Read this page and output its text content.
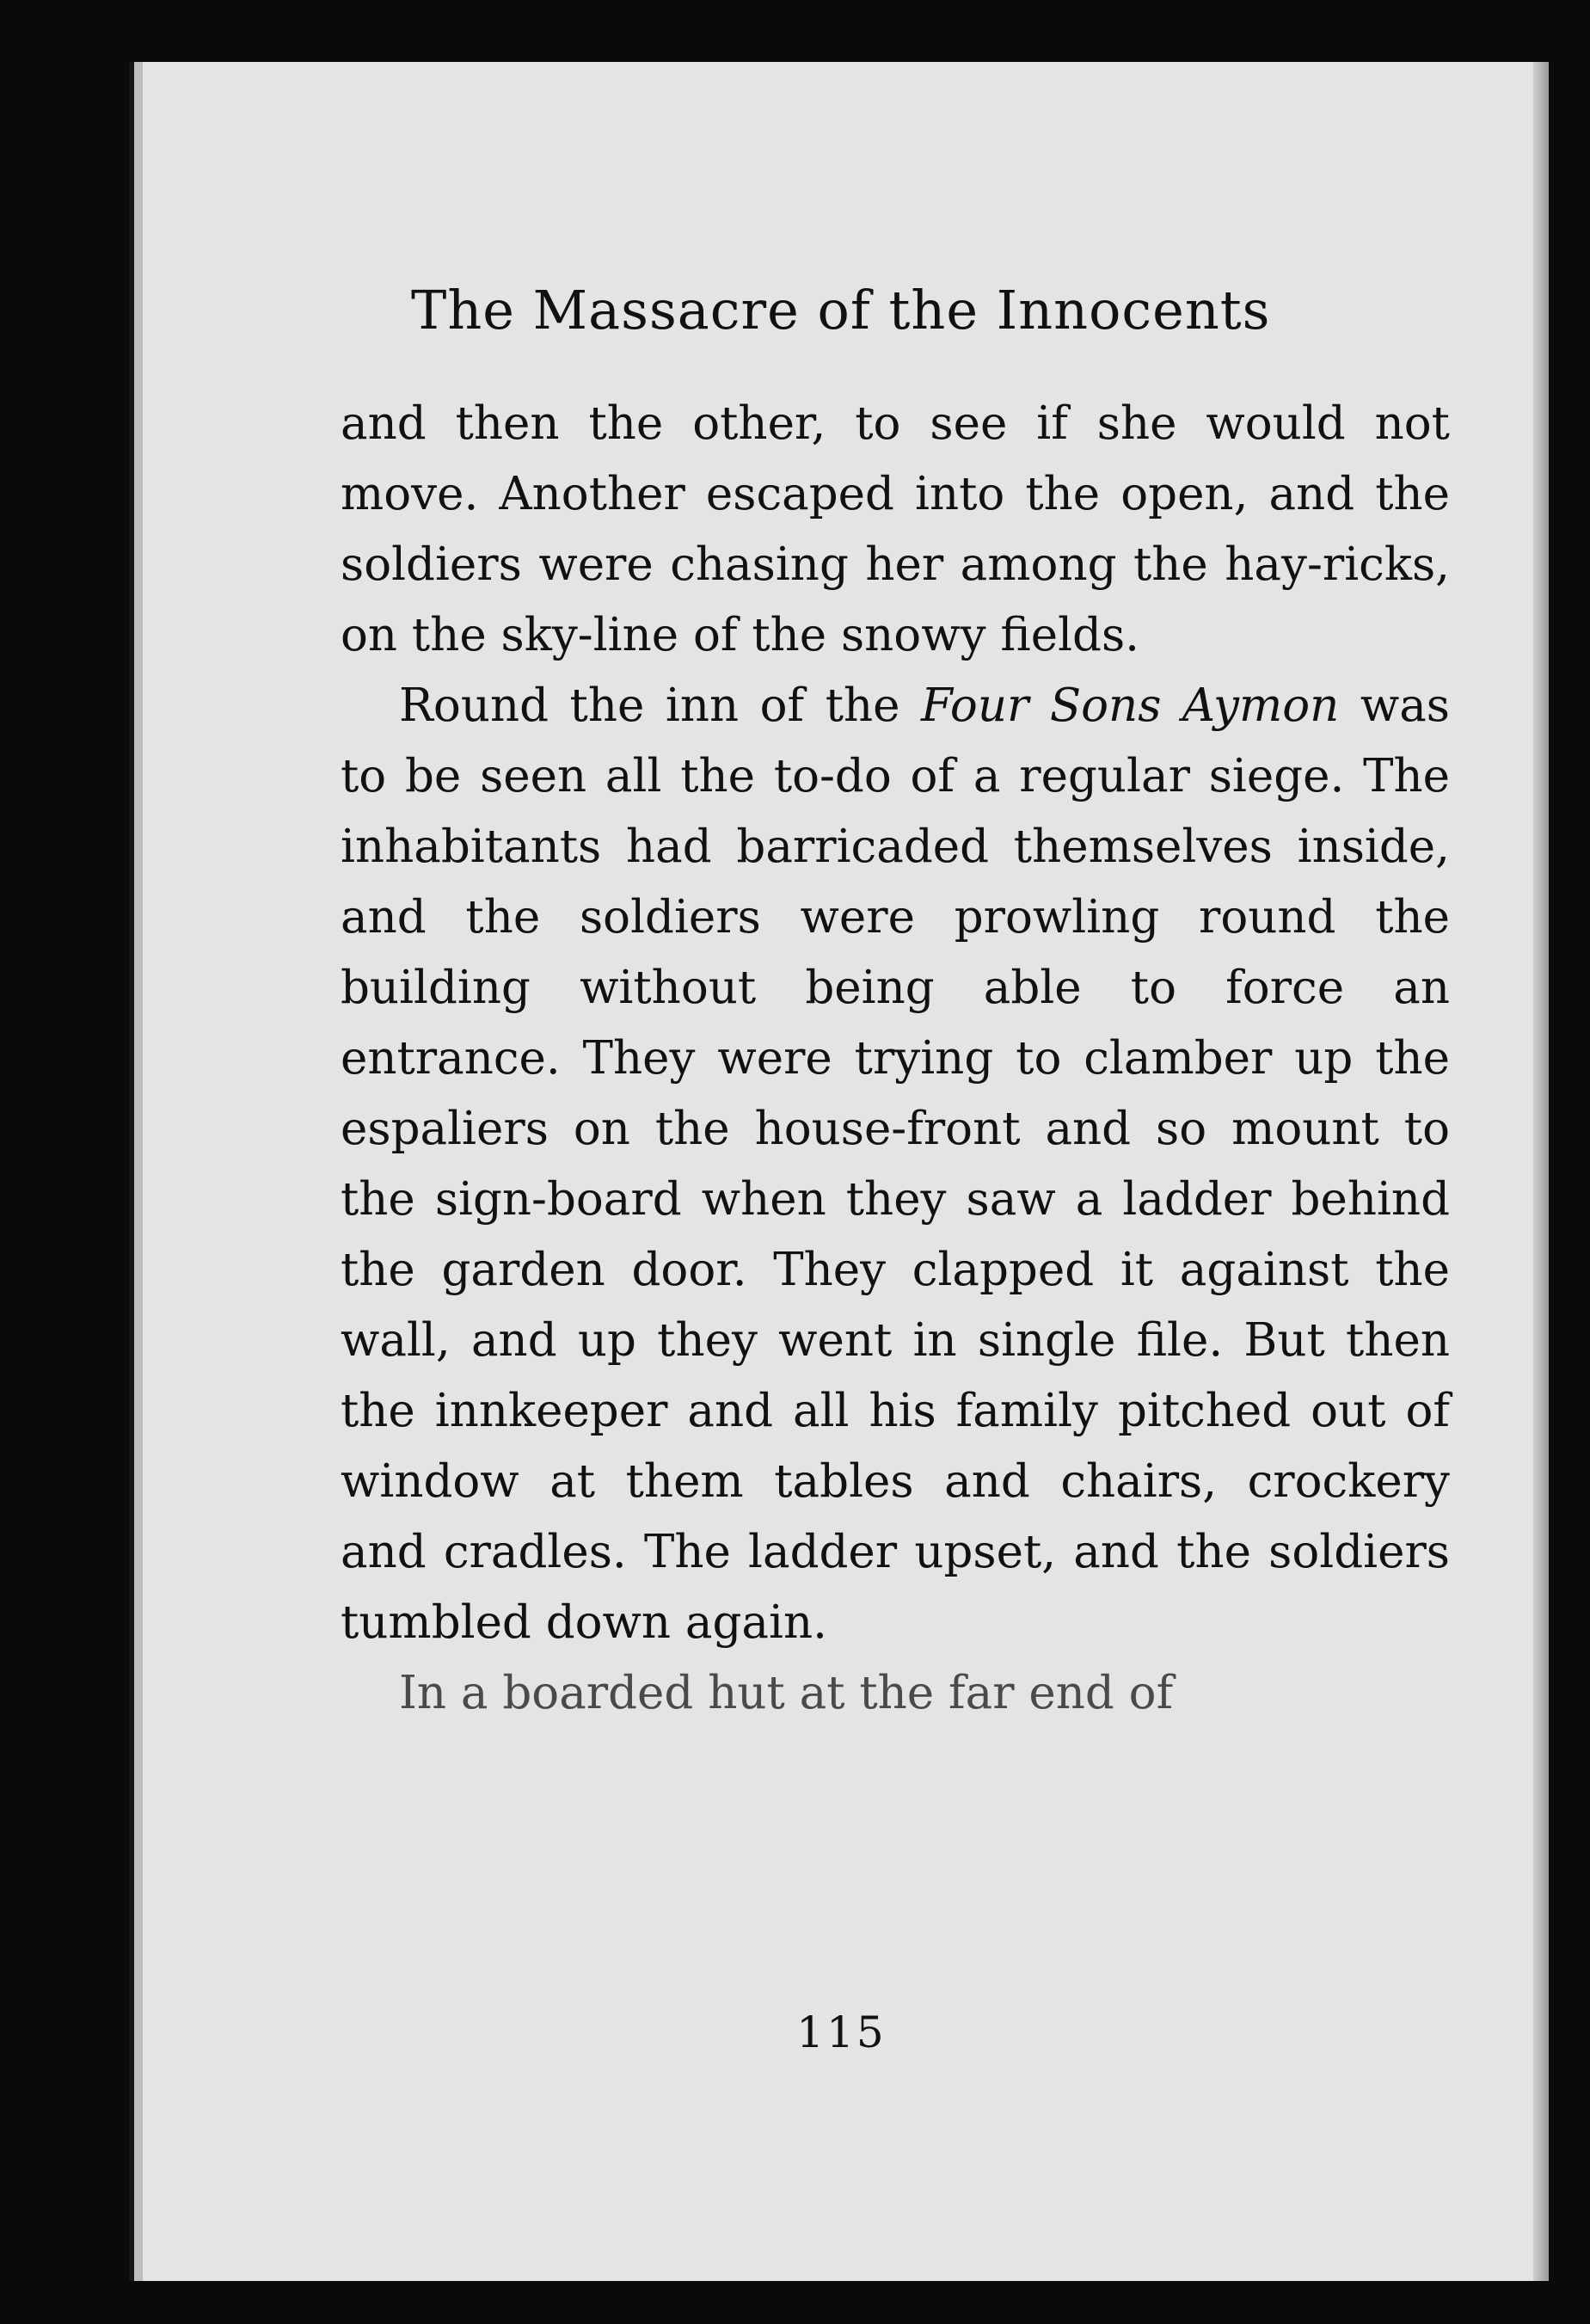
The Massacre of the Innocents

and then the other, to see if she would not move. Another escaped into the open, and the soldiers were chasing her among the hay-ricks, on the sky-line of the snowy fields.

Round the inn of the Four Sons Aymon was to be seen all the to-do of a regular siege. The inhabitants had barricaded themselves inside, and the soldiers were prowling round the building without being able to force an entrance. They were trying to clamber up the espaliers on the house-front and so mount to the sign-board when they saw a ladder behind the garden door. They clapped it against the wall, and up they went in single file. But then the innkeeper and all his family pitched out of window at them tables and chairs, crockery and cradles. The ladder upset, and the soldiers tumbled down again.

In a boarded hut at the far end of

115
